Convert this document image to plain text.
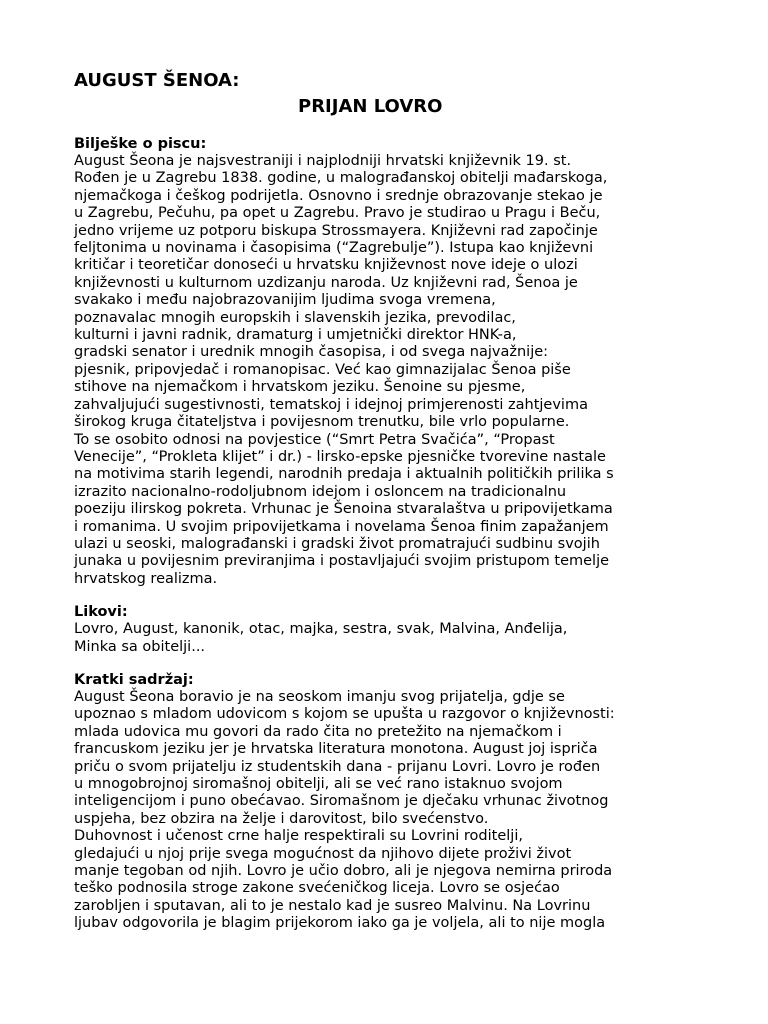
AUGUST ŠENOA:
PRIJAN LOVRO
Bilješke o piscu:
August Šeona je najsvestraniji i najplodniji hrvatski književnik 19. st.
Rođen je u Zagrebu 1838. godine, u malograđanskoj obitelji mađarskoga,
njemačkoga i češkog podrijetla. Osnovno i srednje obrazovanje stekao je
u Zagrebu, Pečuhu, pa opet u Zagrebu. Pravo je studirao u Pragu i Beču,
jedno vrijeme uz potporu biskupa Strossmayera. Književni rad započinje
feljtonima u novinama i časopisima (“Zagrebulje”). Istupa kao književni
kritičar i teoretičar donoseći u hrvatsku književnost nove ideje o ulozi
književnosti u kulturnom uzdizanju naroda. Uz književni rad, Šenoa je
svakako i među najobrazovanijim ljudima svoga vremena,
poznavalac mnogih europskih i slavenskih jezika, prevodilac,
kulturni i javni radnik, dramaturg i umjetnički direktor HNK-a,
gradski senator i urednik mnogih časopisa, i od svega najvažnije:
pjesnik, pripovjedač i romanopisac. Već kao gimnazijalac Šenoa piše
stihove na njemačkom i hrvatskom jeziku. Šenoine su pjesme,
zahvaljujući sugestivnosti, tematskoj i idejnoj primjerenosti zahtjevima
širokog kruga čitateljstva i povijesnom trenutku, bile vrlo popularne.
To se osobito odnosi na povjestice (“Smrt Petra Svačića”, “Propast
Venecije”, “Prokleta klijet” i dr.) - lirsko-epske pjesničke tvorevine nastale
na motivima starih legendi, narodnih predaja i aktualnih političkih prilika s
izrazito nacionalno-rodoljubnom idejom i osloncem na tradicionalnu
poeziju ilirskog pokreta. Vrhunac je Šenoina stvaralaštva u pripovijetkama
i romanima. U svojim pripovijetkama i novelama Šenoa finim zapažanjem
ulazi u seoski, malograđanski i gradski život promatrajući sudbinu svojih
junaka u povijesnim previranjima i postavljajući svojim pristupom temelje
hrvatskog realizma.
Likovi:
Lovro, August, kanonik, otac, majka, sestra, svak, Malvina, Anđelija,
Minka sa obitelji...
Kratki sadržaj:
August Šeona boravio je na seoskom imanju svog prijatelja, gdje se
upoznao s mladom udovicom s kojom se upušta u razgovor o književnosti:
mlada udovica mu govori da rado čita no pretežito na njemačkom i
francuskom jeziku jer je hrvatska literatura monotona. August joj ispriča
priču o svom prijatelju iz studentskih dana - prijanu Lovri. Lovro je rođen
u mnogobrojnoj siromašnoj obitelji, ali se već rano istaknuo svojom
inteligencijom i puno obećavao. Siromašnom je dječaku vrhunac životnog
uspjeha, bez obzira na želje i darovitost, bilo svećenstvo.
Duhovnost i učenost crne halje respektirali su Lovrini roditelji,
gledajući u njoj prije svega mogućnost da njihovo dijete proživi život
manje tegoban od njih. Lovro je učio dobro, ali je njegova nemirna priroda
teško podnosila stroge zakone svećeničkog liceja. Lovro se osjećao
zarobljen i sputavan, ali to je nestalo kad je susreo Malvinu. Na Lovrinu
ljubav odgovorila je blagim prijekorom iako ga je voljela, ali to nije mogla
